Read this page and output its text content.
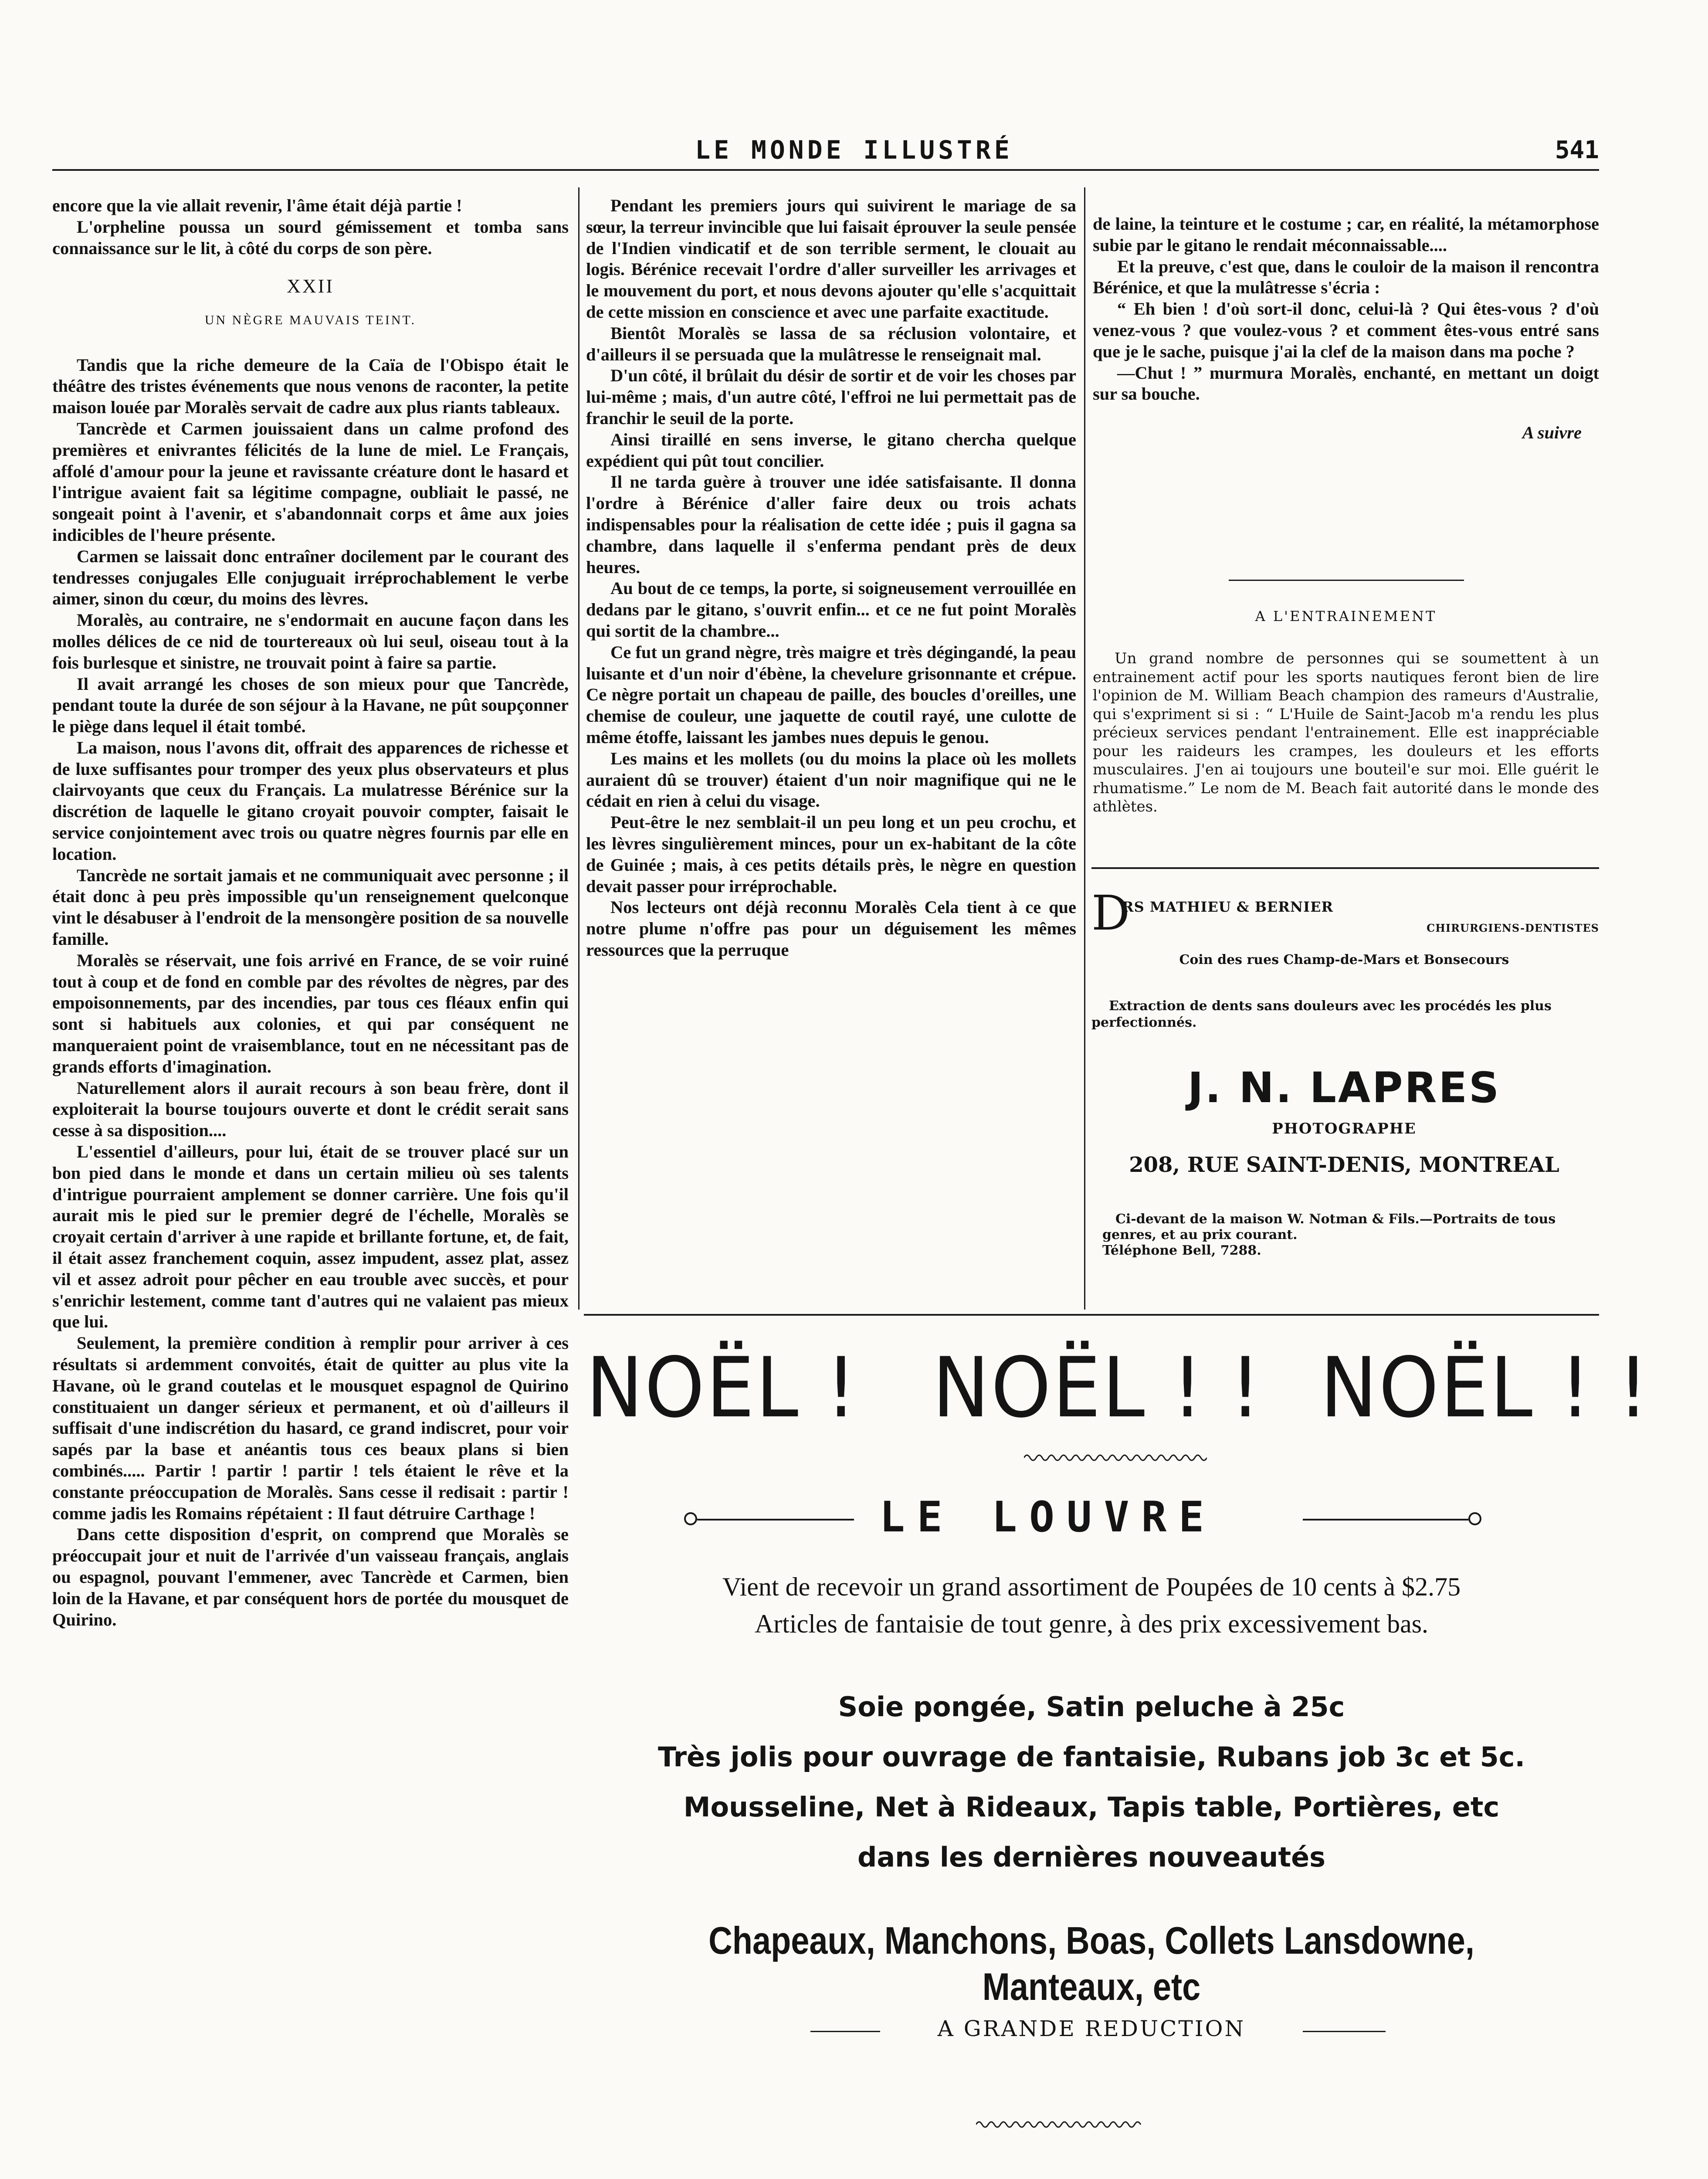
LE MONDE ILLUSTRÉ	541

encore que la vie allait revenir, l'âme était déjà partie !

L'orpheline poussa un sourd gémissement et tomba sans connaissance sur le lit, à côté du corps de son père.

XXII
UN NÈGRE MAUVAIS TEINT.

Tandis que la riche demeure de la Caïa de l'Obispo était le théâtre des tristes événements que nous venons de raconter, la petite maison louée par Moralès servait de cadre aux plus riants tableaux.

Tancrède et Carmen jouissaient dans un calme profond des premières et enivrantes félicités de la lune de miel. Le Français, affolé d'amour pour la jeune et ravissante créature dont le hasard et l'intrigue avaient fait sa légitime compagne, oubliait le passé, ne songeait point à l'avenir, et s'abandonnait corps et âme aux joies indicibles de l'heure présente.

Carmen se laissait donc entraîner docilement par le courant des tendresses conjugales Elle conjuguait irréprochablement le verbe aimer, sinon du cœur, du moins des lèvres.

Moralès, au contraire, ne s'endormait en aucune façon dans les molles délices de ce nid de tourtereaux où lui seul, oiseau tout à la fois burlesque et sinistre, ne trouvait point à faire sa partie.

Il avait arrangé les choses de son mieux pour que Tancrède, pendant toute la durée de son séjour à la Havane, ne pût soupçonner le piège dans lequel il était tombé.

La maison, nous l'avons dit, offrait des apparences de richesse et de luxe suffisantes pour tromper des yeux plus observateurs et plus clairvoyants que ceux du Français. La mulatresse Bérénice sur la discrétion de laquelle le gitano croyait pouvoir compter, faisait le service conjointement avec trois ou quatre nègres fournis par elle en location.

Tancrède ne sortait jamais et ne communiquait avec personne ; il était donc à peu près impossible qu'un renseignement quelconque vint le désabuser à l'endroit de la mensongère position de sa nouvelle famille.

Moralès se réservait, une fois arrivé en France, de se voir ruiné tout à coup et de fond en comble par des révoltes de nègres, par des empoisonnements, par des incendies, par tous ces fléaux enfin qui sont si habituels aux colonies, et qui par conséquent ne manqueraient point de vraisemblance, tout en ne nécessitant pas de grands efforts d'imagination.

Naturellement alors il aurait recours à son beau frère, dont il exploiterait la bourse toujours ouverte et dont le crédit serait sans cesse à sa disposition....

L'essentiel d'ailleurs, pour lui, était de se trouver placé sur un bon pied dans le monde et dans un certain milieu où ses talents d'intrigue pourraient amplement se donner carrière. Une fois qu'il aurait mis le pied sur le premier degré de l'échelle, Moralès se croyait certain d'arriver à une rapide et brillante fortune, et, de fait, il était assez franchement coquin, assez impudent, assez plat, assez vil et assez adroit pour pêcher en eau trouble avec succès, et pour s'enrichir lestement, comme tant d'autres qui ne valaient pas mieux que lui.

Seulement, la première condition à remplir pour arriver à ces résultats si ardemment convoités, était de quitter au plus vite la Havane, où le grand coutelas et le mousquet espagnol de Quirino constituaient un danger sérieux et permanent, et où d'ailleurs il suffisait d'une indiscrétion du hasard, ce grand indiscret, pour voir sapés par la base et anéantis tous ces beaux plans si bien combinés..... Partir ! partir ! partir ! tels étaient le rêve et la constante préoccupation de Moralès. Sans cesse il redisait : partir ! comme jadis les Romains répétaient : Il faut détruire Carthage !

Dans cette disposition d'esprit, on comprend que Moralès se préoccupait jour et nuit de l'arrivée d'un vaisseau français, anglais ou espagnol, pouvant l'emmener, avec Tancrède et Carmen, bien loin de la Havane, et par conséquent hors de portée du mousquet de Quirino.

Pendant les premiers jours qui suivirent le mariage de sa sœur, la terreur invincible que lui faisait éprouver la seule pensée de l'Indien vindicatif et de son terrible serment, le clouait au logis. Bérénice recevait l'ordre d'aller surveiller les arrivages et le mouvement du port, et nous devons ajouter qu'elle s'acquittait de cette mission en conscience et avec une parfaite exactitude.

Bientôt Moralès se lassa de sa réclusion volontaire, et d'ailleurs il se persuada que la mulâtresse le renseignait mal.

D'un côté, il brûlait du désir de sortir et de voir les choses par lui-même ; mais, d'un autre côté, l'effroi ne lui permettait pas de franchir le seuil de la porte.

Ainsi tiraillé en sens inverse, le gitano chercha quelque expédient qui pût tout concilier.

Il ne tarda guère à trouver une idée satisfaisante. Il donna l'ordre à Bérénice d'aller faire deux ou trois achats indispensables pour la réalisation de cette idée ; puis il gagna sa chambre, dans laquelle il s'enferma pendant près de deux heures.

Au bout de ce temps, la porte, si soigneusement verrouillée en dedans par le gitano, s'ouvrit enfin... et ce ne fut point Moralès qui sortit de la chambre...

Ce fut un grand nègre, très maigre et très dégingandé, la peau luisante et d'un noir d'ébène, la chevelure grisonnante et crépue. Ce nègre portait un chapeau de paille, des boucles d'oreilles, une chemise de couleur, une jaquette de coutil rayé, une culotte de même étoffe, laissant les jambes nues depuis le genou.

Les mains et les mollets (ou du moins la place où les mollets auraient dû se trouver) étaient d'un noir magnifique qui ne le cédait en rien à celui du visage.

Peut-être le nez semblait-il un peu long et un peu crochu, et les lèvres singulièrement minces, pour un ex-habitant de la côte de Guinée ; mais, à ces petits détails près, le nègre en question devait passer pour irréprochable.

Nos lecteurs ont déjà reconnu Moralès Cela tient à ce que notre plume n'offre pas pour un déguisement les mêmes ressources que la perruque

de laine, la teinture et le costume ; car, en réalité, la métamorphose subie par le gitano le rendait méconnaissable....

Et la preuve, c'est que, dans le couloir de la maison il rencontra Bérénice, et que la mulâtresse s'écria :

“ Eh bien ! d'où sort-il donc, celui-là ? Qui êtes-vous ? d'où venez-vous ? que voulez-vous ? et comment êtes-vous entré sans que je le sache, puisque j'ai la clef de la maison dans ma poche ?

—Chut ! ” murmura Moralès, enchanté, en mettant un doigt sur sa bouche.

A suivre
A L'ENTRAINEMENT
Un grand nombre de personnes qui se soumettent à un entrainement actif pour les sports nautiques feront bien de lire l'opinion de M. William Beach champion des rameurs d'Australie, qui s'expriment si si : “ L'Huile de Saint-Jacob m'a rendu les plus précieux services pendant l'entrainement. Elle est inappréciable pour les raideurs les crampes, les douleurs et les efforts musculaires. J'en ai toujours une bouteil'e sur moi. Elle guérit le rhumatisme.” Le nom de M. Beach fait autorité dans le monde des athlètes.
D
RS MATHIEU & BERNIER
CHIRURGIENS-DENTISTES
Coin des rues Champ-de-Mars et Bonsecours
Extraction de dents sans douleurs avec les procédés les plus perfectionnés.
J. N. LAPRES
PHOTOGRAPHE
208, RUE SAINT-DENIS, MONTREAL
Ci-devant de la maison W. Notman & Fils.—Portraits de tous genres, et au prix courant.
Téléphone Bell, 7288.
NOËL ! NOËL ! ! NOËL ! !
LE LOUVRE
Vient de recevoir un grand assortiment de Poupées de 10 cents à $2.75
Articles de fantaisie de tout genre, à des prix excessivement bas.
Soie pongée, Satin peluche à 25c
Très jolis pour ouvrage de fantaisie, Rubans job 3c et 5c.
Mousseline, Net à Rideaux, Tapis table, Portières, etc
dans les dernières nouveautés
Chapeaux, Manchons, Boas, Collets Lansdowne, Manteaux, etc
A GRANDE REDUCTION
